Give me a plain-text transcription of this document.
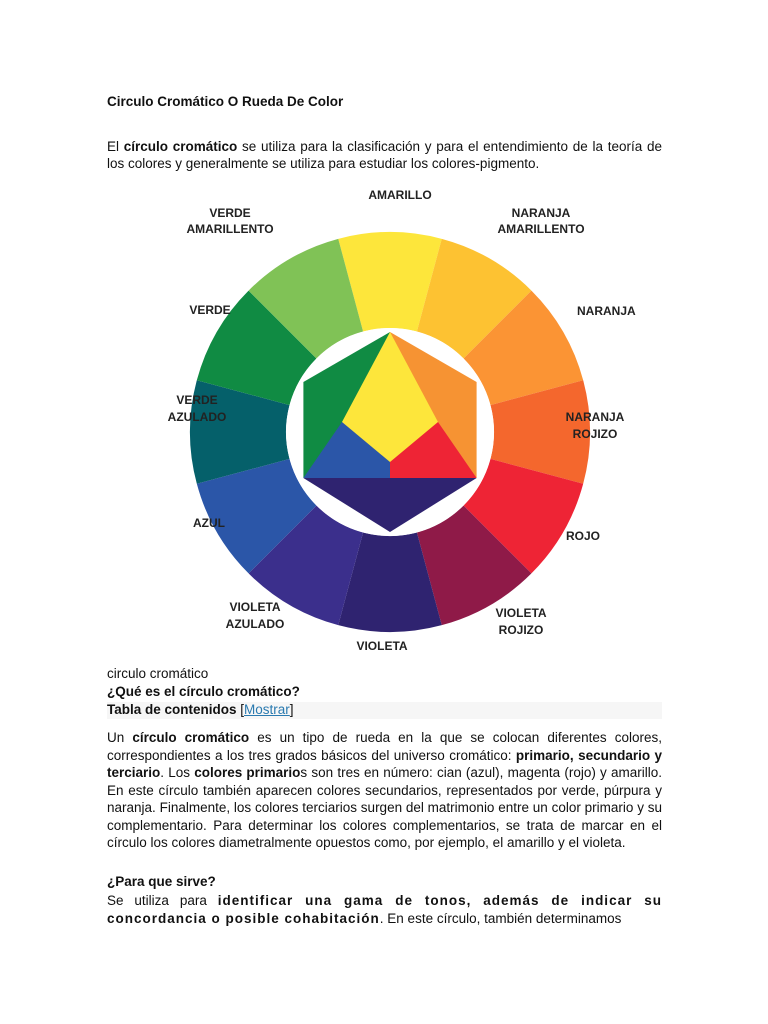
Circulo Cromático O Rueda De Color
El círculo cromático se utiliza para la clasificación y para el entendimiento de la teoría de los colores y generalmente se utiliza para estudiar los colores-pigmento.
AMARILLO
NARANJA
AMARILLENTO
NARANJA
NARANJA
ROJIZO
ROJO
VIOLETA
ROJIZO
VIOLETA
VIOLETA
AZULADO
AZUL
VERDE
AZULADO
VERDE
VERDE
AMARILLENTO
circulo cromático
¿Qué es el círculo cromático?
Tabla de contenidos [Mostrar]
Un círculo cromático es un tipo de rueda en la que se colocan diferentes colores, correspondientes a los tres grados básicos del universo cromático: primario, secundario y terciario. Los colores primarios son tres en número: cian (azul), magenta (rojo) y amarillo. En este círculo también aparecen colores secundarios, representados por verde, púrpura y naranja. Finalmente, los colores terciarios surgen del matrimonio entre un color primario y su complementario. Para determinar los colores complementarios, se trata de marcar en el círculo los colores diametralmente opuestos como, por ejemplo, el amarillo y el violeta.
¿Para que sirve?
Se utiliza para identificar una gama de tonos, además de indicar su concordancia o posible cohabitación. En este círculo, también determinamos
